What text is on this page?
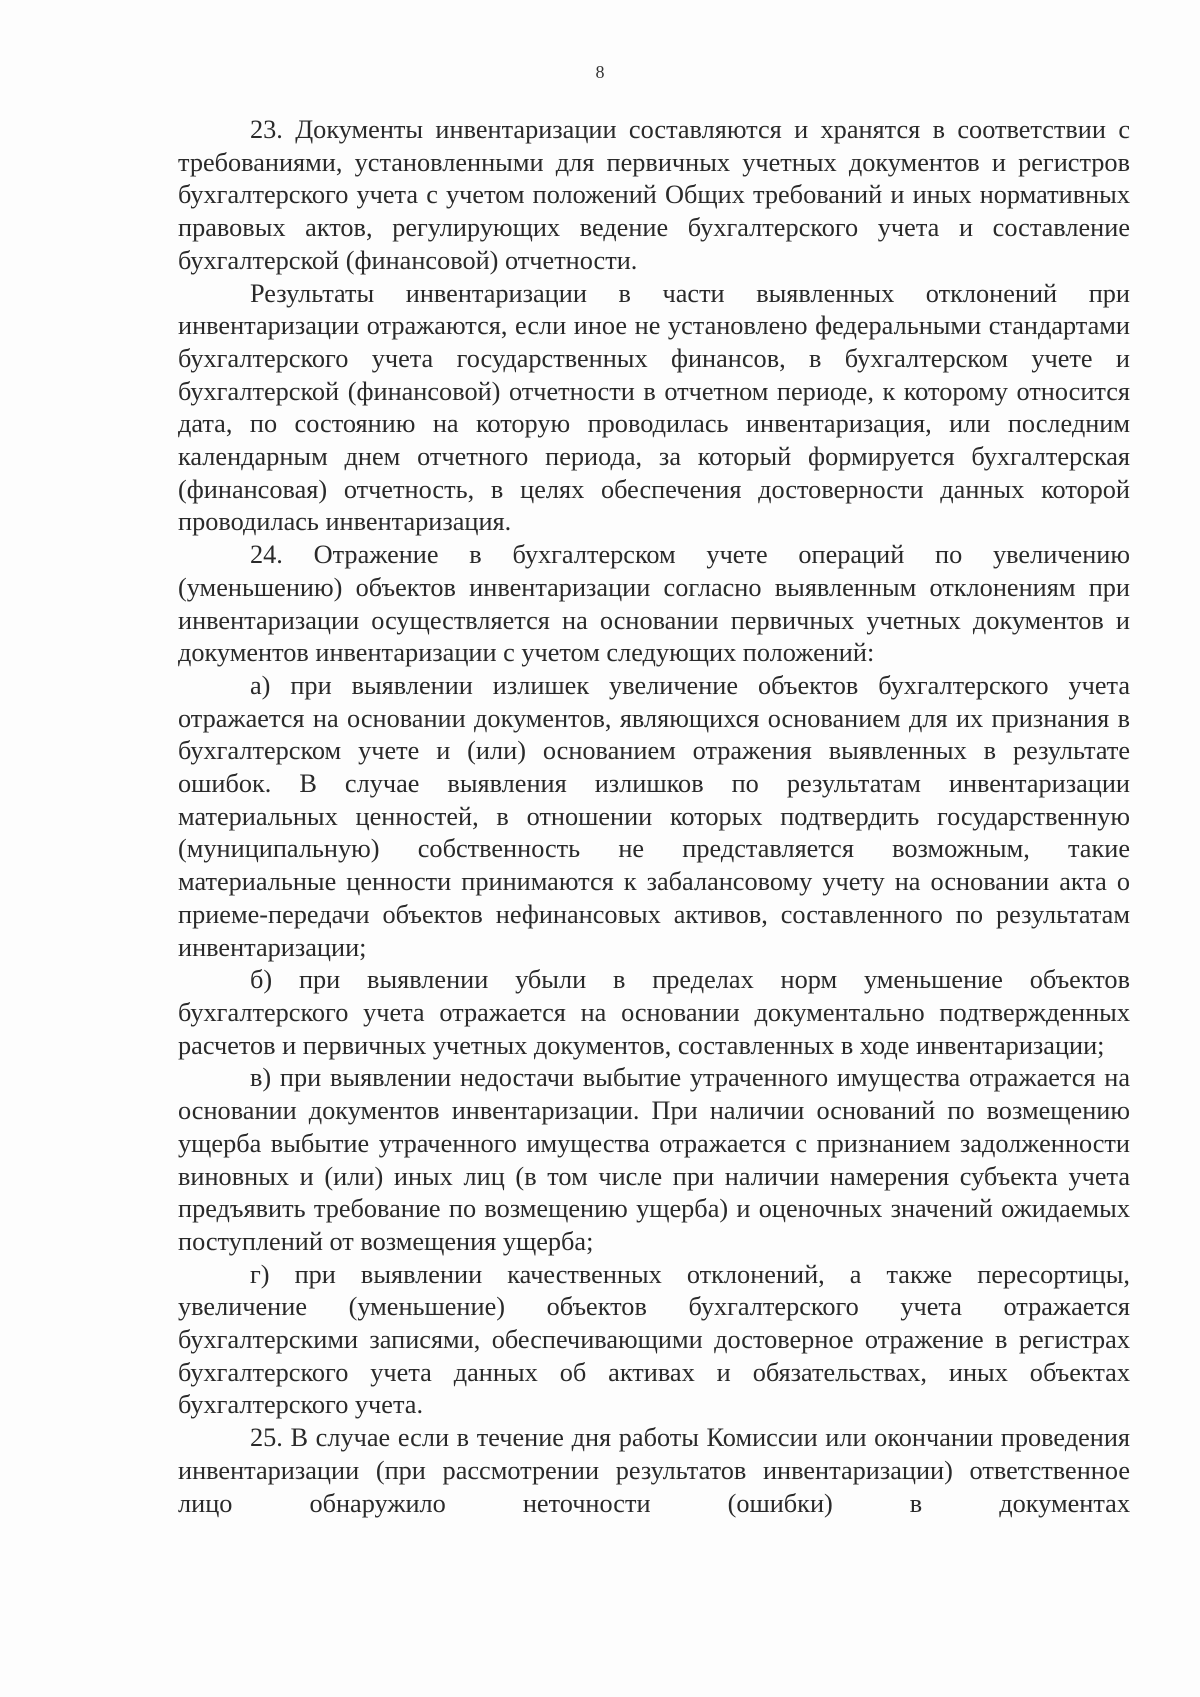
8

23. Документы инвентаризации составляются и хранятся в соответствии с требованиями, установленными для первичных учетных документов и регистров бухгалтерского учета с учетом положений Общих требований и иных нормативных правовых актов, регулирующих ведение бухгалтерского учета и составление бухгалтерской (финансовой) отчетности.

Результаты инвентаризации в части выявленных отклонений при инвентаризации отражаются, если иное не установлено федеральными стандартами бухгалтерского учета государственных финансов, в бухгалтерском учете и бухгалтерской (финансовой) отчетности в отчетном периоде, к которому относится дата, по состоянию на которую проводилась инвентаризация, или последним календарным днем отчетного периода, за который формируется бухгалтерская (финансовая) отчетность, в целях обеспечения достоверности данных которой проводилась инвентаризация.

24. Отражение в бухгалтерском учете операций по увеличению (уменьшению) объектов инвентаризации согласно выявленным отклонениям при инвентаризации осуществляется на основании первичных учетных документов и документов инвентаризации с учетом следующих положений:

а) при выявлении излишек увеличение объектов бухгалтерского учета отражается на основании документов, являющихся основанием для их признания в бухгалтерском учете и (или) основанием отражения выявленных в результате ошибок. В случае выявления излишков по результатам инвентаризации материальных ценностей, в отношении которых подтвердить государственную (муниципальную) собственность не представляется возможным, такие материальные ценности принимаются к забалансовому учету на основании акта о приеме-передачи объектов нефинансовых активов, составленного по результатам инвентаризации;

б) при выявлении убыли в пределах норм уменьшение объектов бухгалтерского учета отражается на основании документально подтвержденных расчетов и первичных учетных документов, составленных в ходе инвентаризации;

в) при выявлении недостачи выбытие утраченного имущества отражается на основании документов инвентаризации. При наличии оснований по возмещению ущерба выбытие утраченного имущества отражается с признанием задолженности виновных и (или) иных лиц (в том числе при наличии намерения субъекта учета предъявить требование по возмещению ущерба) и оценочных значений ожидаемых поступлений от возмещения ущерба;

г) при выявлении качественных отклонений, а также пересортицы, увеличение (уменьшение) объектов бухгалтерского учета отражается бухгалтерскими записями, обеспечивающими достоверное отражение в регистрах бухгалтерского учета данных об активах и обязательствах, иных объектах бухгалтерского учета.

25. В случае если в течение дня работы Комиссии или окончании проведения инвентаризации (при рассмотрении результатов инвентаризации) ответственное лицо обнаружило неточности (ошибки) в документах
